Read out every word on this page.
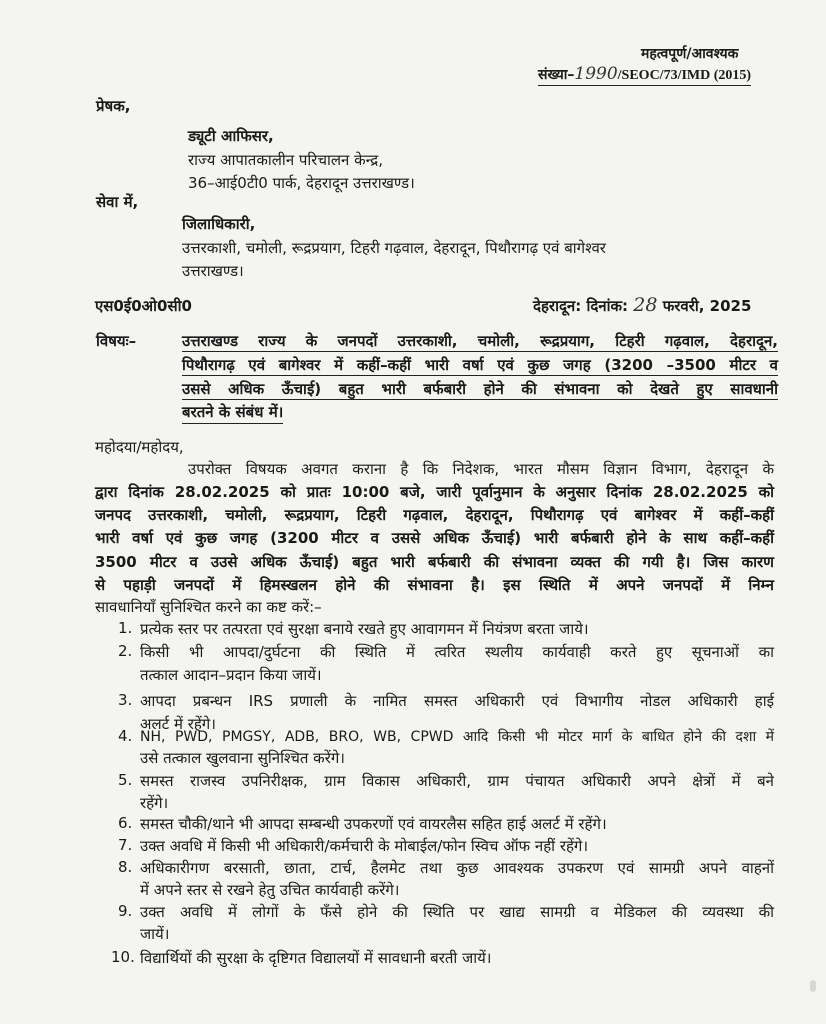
महत्वपूर्ण/आवश्यक
संख्या–1990/SEOC/73/IMD (2015)
प्रेषक,
ड्यूटी आफिसर,
राज्य आपातकालीन परिचालन केन्द्र,
36–आई0टी0 पार्क, देहरादून उत्तराखण्ड।
सेवा में,
जिलाधिकारी,
उत्तरकाशी, चमोली, रूद्रप्रयाग, टिहरी गढ़वाल, देहरादून, पिथौरागढ़ एवं बागेश्वर
उत्तराखण्ड।
एस0ई0ओ0सी0	देहरादून: दिनांक: 28 फरवरी, 2025
विषयः–	उत्तराखण्ड राज्य के जनपदों उत्तरकाशी, चमोली, रूद्रप्रयाग, टिहरी गढ़वाल, देहरादून,
पिथौरागढ़ एवं बागेश्वर में कहीं–कहीं भारी वर्षा एवं कुछ जगह (3200 –3500 मीटर व
उससे अधिक ऊँचाई) बहुत भारी बर्फबारी होने की संभावना को देखते हुए सावधानी
बरतने के संबंध में।
महोदया/महोदय,
उपरोक्त विषयक अवगत कराना है कि निदेशक, भारत मौसम विज्ञान विभाग, देहरादून के
द्वारा दिनांक 28.02.2025 को प्रातः 10:00 बजे, जारी पूर्वानुमान के अनुसार दिनांक 28.02.2025 को
जनपद उत्तरकाशी, चमोली, रूद्रप्रयाग, टिहरी गढ़वाल, देहरादून, पिथौरागढ़ एवं बागेश्वर में कहीं–कहीं
भारी वर्षा एवं कुछ जगह (3200 मीटर व उससे अधिक ऊँचाई) भारी बर्फबारी होने के साथ कहीं–कहीं
3500 मीटर व उउसे अधिक ऊँचाई) बहुत भारी बर्फबारी की संभावना व्यक्त की गयी है। जिस कारण
से पहाड़ी जनपदों में हिमस्खलन होने की संभावना है। इस स्थिति में अपने जनपदों में निम्न
सावधानियाँ सुनिश्चित करने का कष्ट करें:–
1. प्रत्येक स्तर पर तत्परता एवं सुरक्षा बनाये रखते हुए आवागमन में नियंत्रण बरता जाये।
2. किसी भी आपदा/दुर्घटना की स्थिति में त्वरित स्थलीय कार्यवाही करते हुए सूचनाओं का
तत्काल आदान–प्रदान किया जायें।
3. आपदा प्रबन्धन IRS प्रणाली के नामित समस्त अधिकारी एवं विभागीय नोडल अधिकारी हाई
अलर्ट में रहेंगे।
4. NH, PWD, PMGSY, ADB, BRO, WB, CPWD आदि किसी भी मोटर मार्ग के बाधित होने की दशा में
उसे तत्काल खुलवाना सुनिश्चित करेंगे।
5. समस्त राजस्व उपनिरीक्षक, ग्राम विकास अधिकारी, ग्राम पंचायत अधिकारी अपने क्षेत्रों में बने
रहेंगे।
6. समस्त चौकी/थाने भी आपदा सम्बन्धी उपकरणों एवं वायरलैस सहित हाई अलर्ट में रहेंगे।
7. उक्त अवधि में किसी भी अधिकारी/कर्मचारी के मोबाईल/फोन स्विच ऑफ नहीं रहेंगे।
8. अधिकारीगण बरसाती, छाता, टार्च, हैलमेट तथा कुछ आवश्यक उपकरण एवं सामग्री अपने वाहनों
में अपने स्तर से रखने हेतु उचित कार्यवाही करेंगे।
9. उक्त अवधि में लोगों के फँसे होने की स्थिति पर खाद्य सामग्री व मेडिकल की व्यवस्था की
जायें।
10. विद्यार्थियों की सुरक्षा के दृष्टिगत विद्यालयों में सावधानी बरती जायें।
